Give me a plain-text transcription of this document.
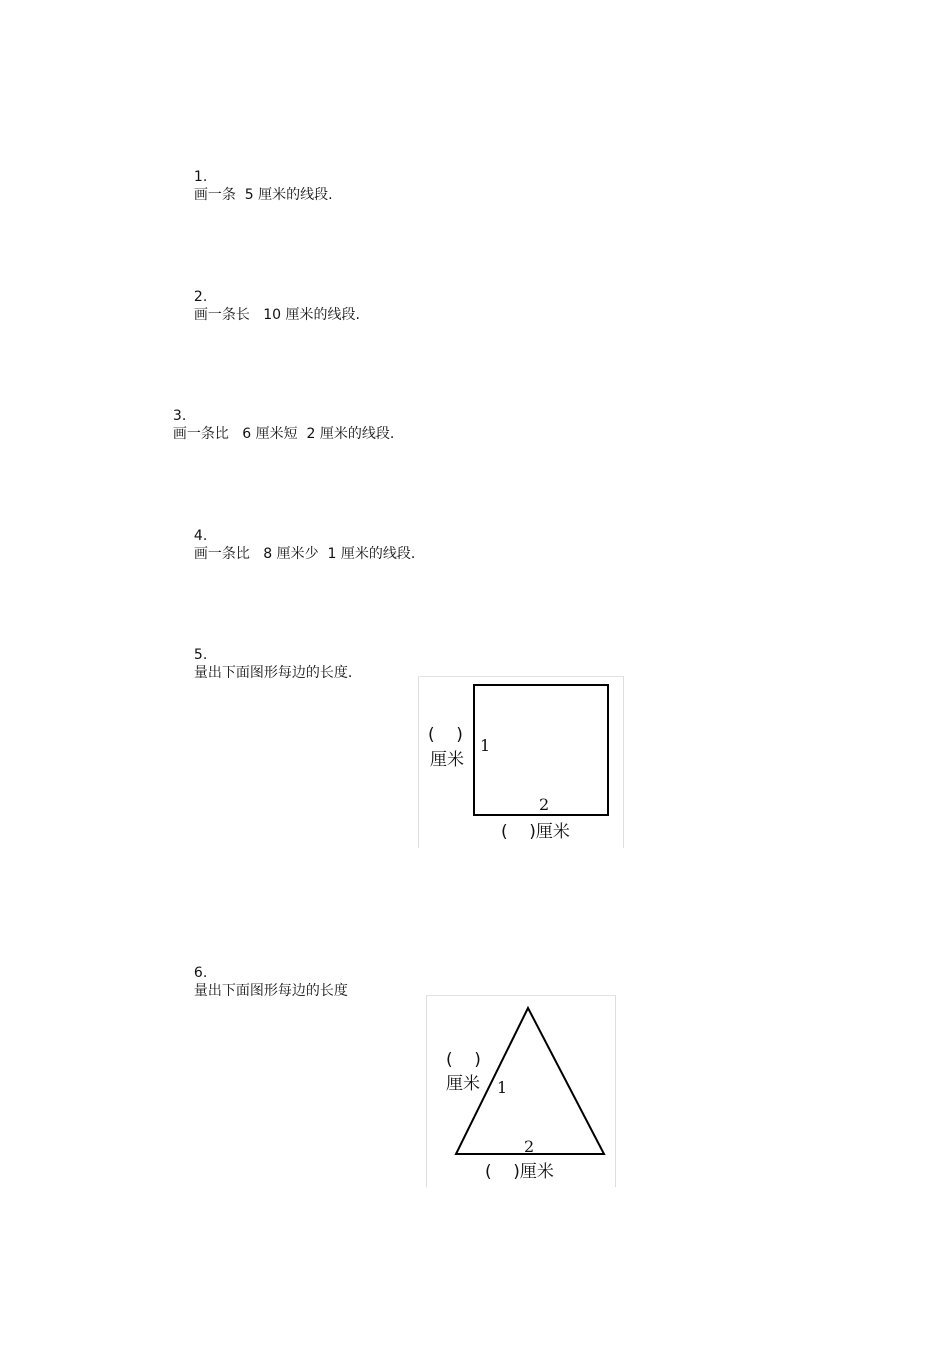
1.
画一条  5 厘米的线段.

2.
画一条长   10 厘米的线段.

3.
画一条比   6 厘米短  2 厘米的线段.

4.
画一条比   8 厘米少  1 厘米的线段.

5.
量出下面图形每边的长度.

(    )
厘米
1
2
(    )厘米

6.
量出下面图形每边的长度

(    )
厘米 1
2
(    )厘米
